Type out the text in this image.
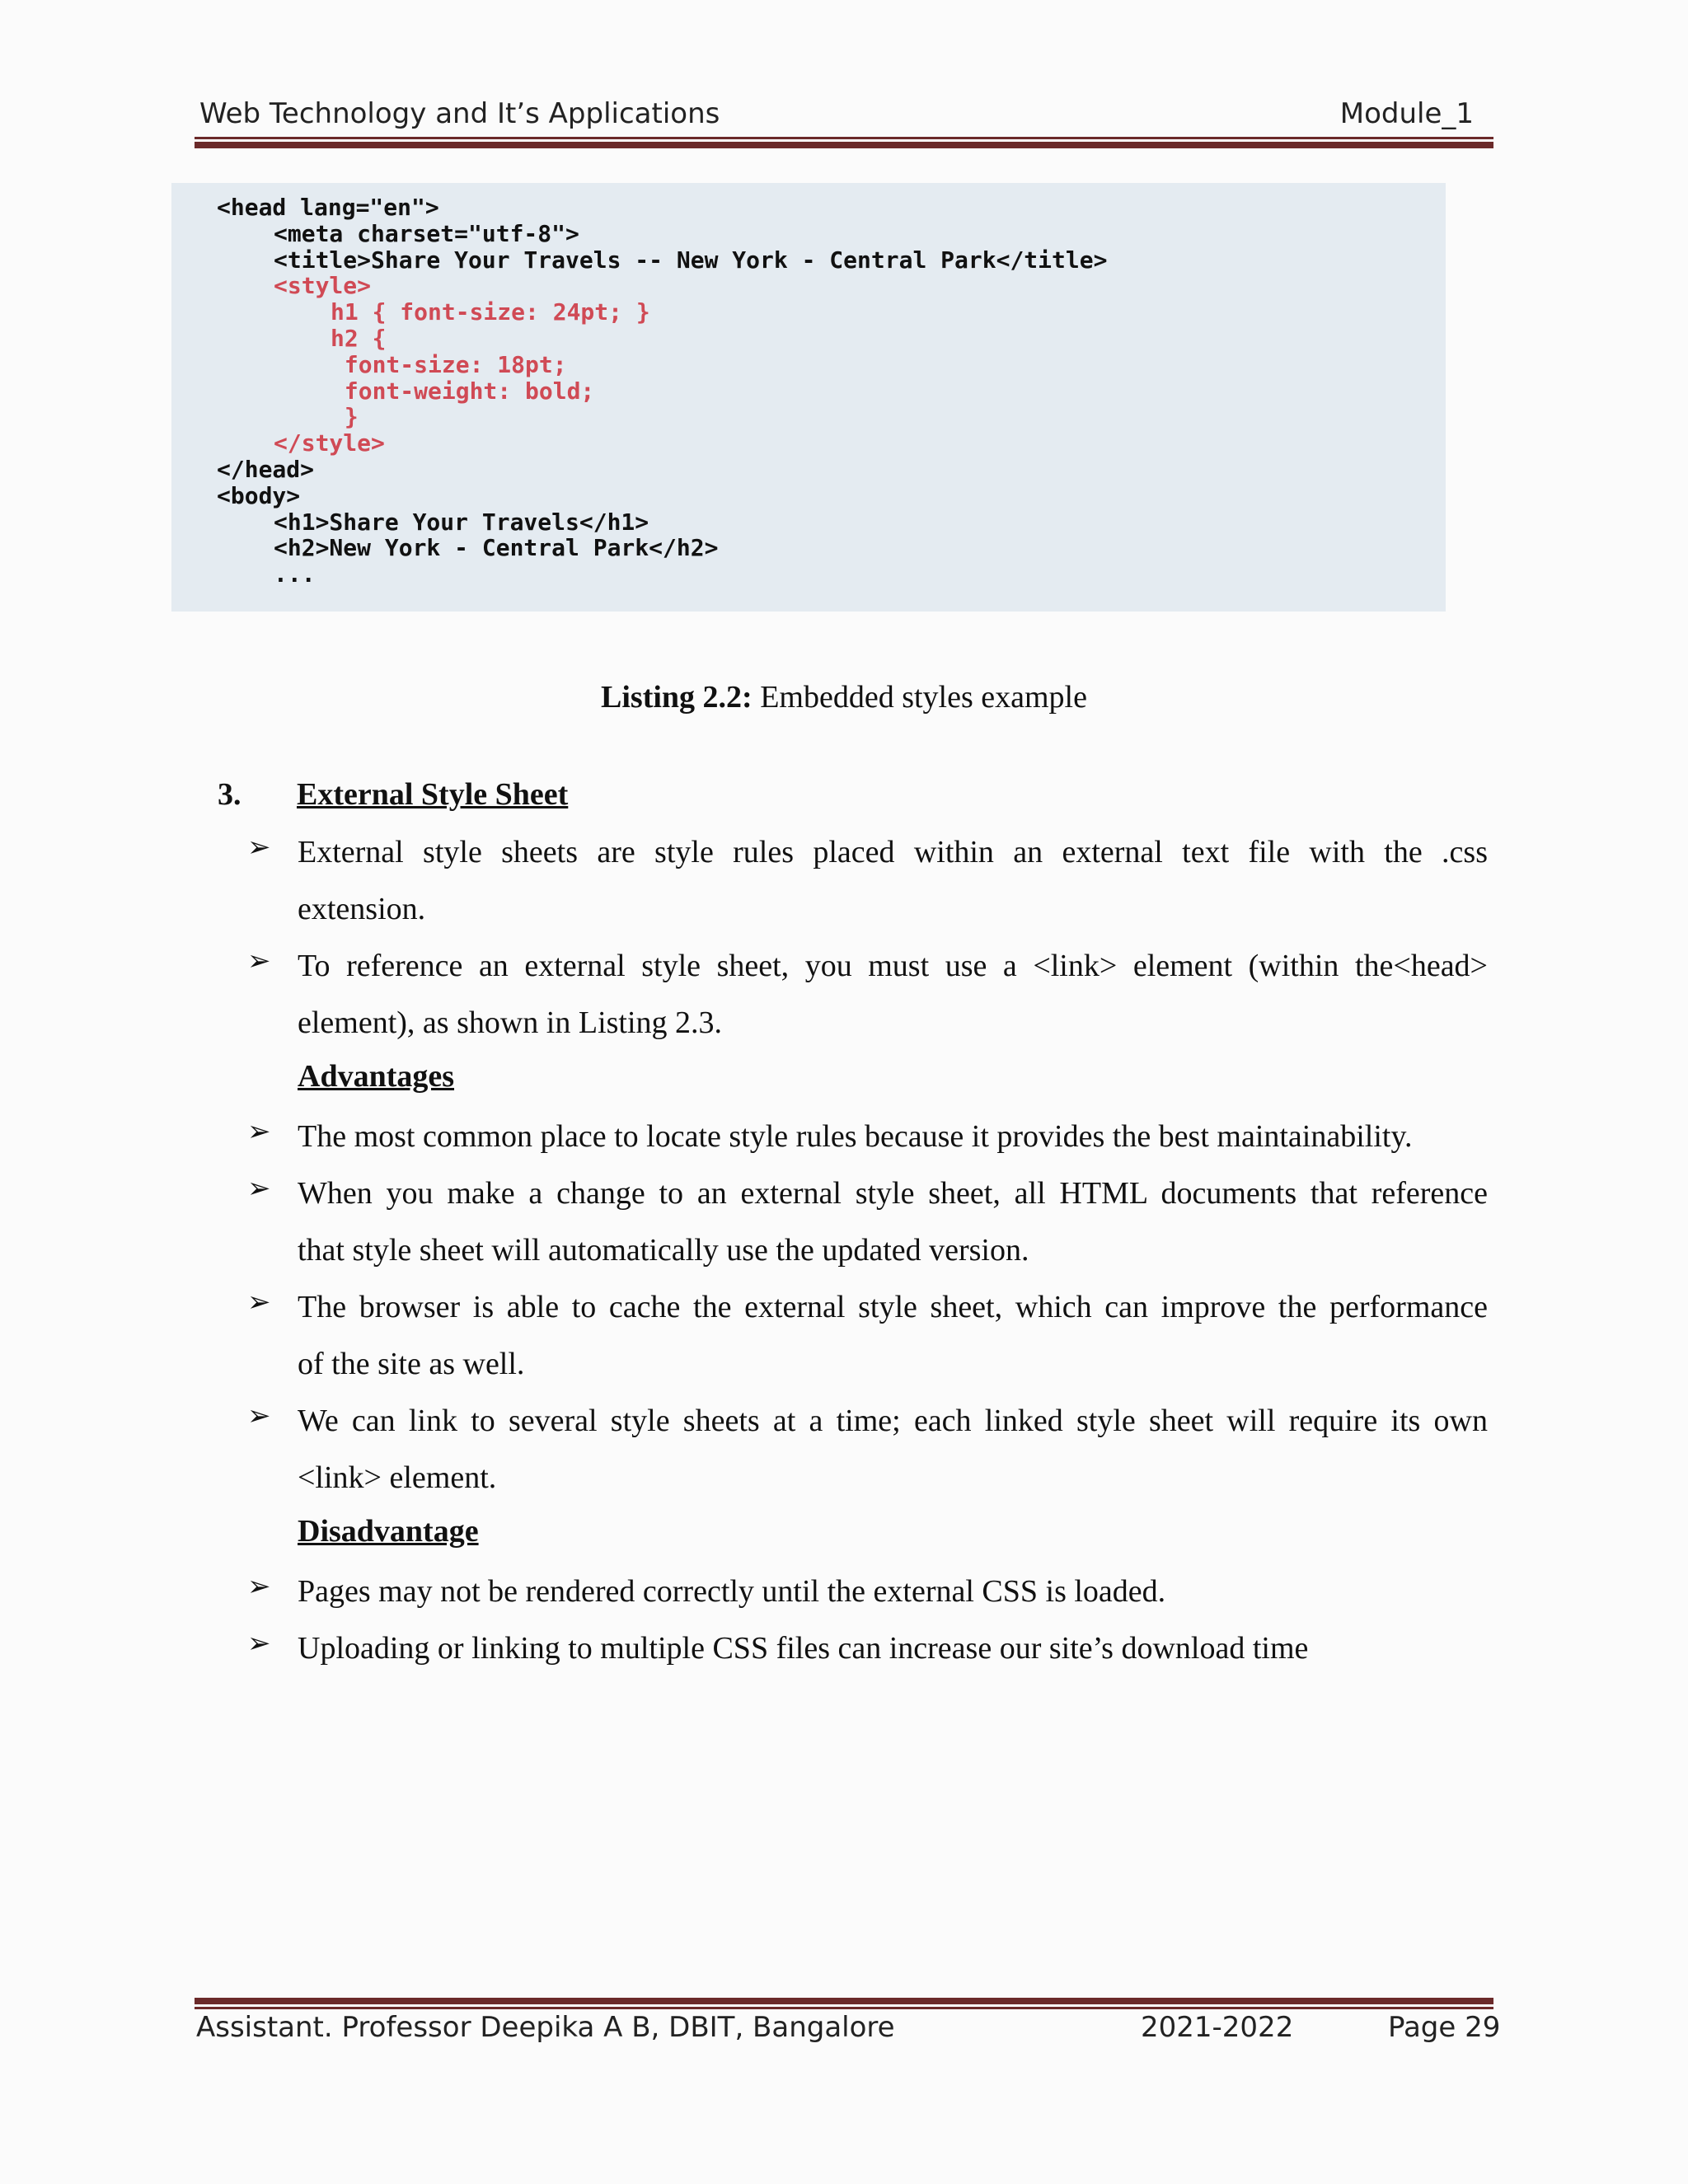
Web Technology and It’s Applications	Module_1
<head lang="en">
<meta charset="utf-8">
<title>Share Your Travels -- New York - Central Park</title>
<style>
h1 { font-size: 24pt; }
h2 {
font-size: 18pt;
font-weight: bold;
}
</style>
</head>
<body>
<h1>Share Your Travels</h1>
<h2>New York - Central Park</h2>
...
Listing 2.2: Embedded styles example
3. External Style Sheet
➢ External style sheets are style rules placed within an external text file with the .css
extension.
➢ To reference an external style sheet, you must use a <link> element (within the<head>
element), as shown in Listing 2.3.
Advantages
➢ The most common place to locate style rules because it provides the best maintainability.
➢ When you make a change to an external style sheet, all HTML documents that reference
that style sheet will automatically use the updated version.
➢ The browser is able to cache the external style sheet, which can improve the performance
of the site as well.
➢ We can link to several style sheets at a time; each linked style sheet will require its own
<link> element.
Disadvantage
➢ Pages may not be rendered correctly until the external CSS is loaded.
➢ Uploading or linking to multiple CSS files can increase our site’s download time
Assistant. Professor Deepika A B, DBIT, Bangalore	2021-2022	Page 29
